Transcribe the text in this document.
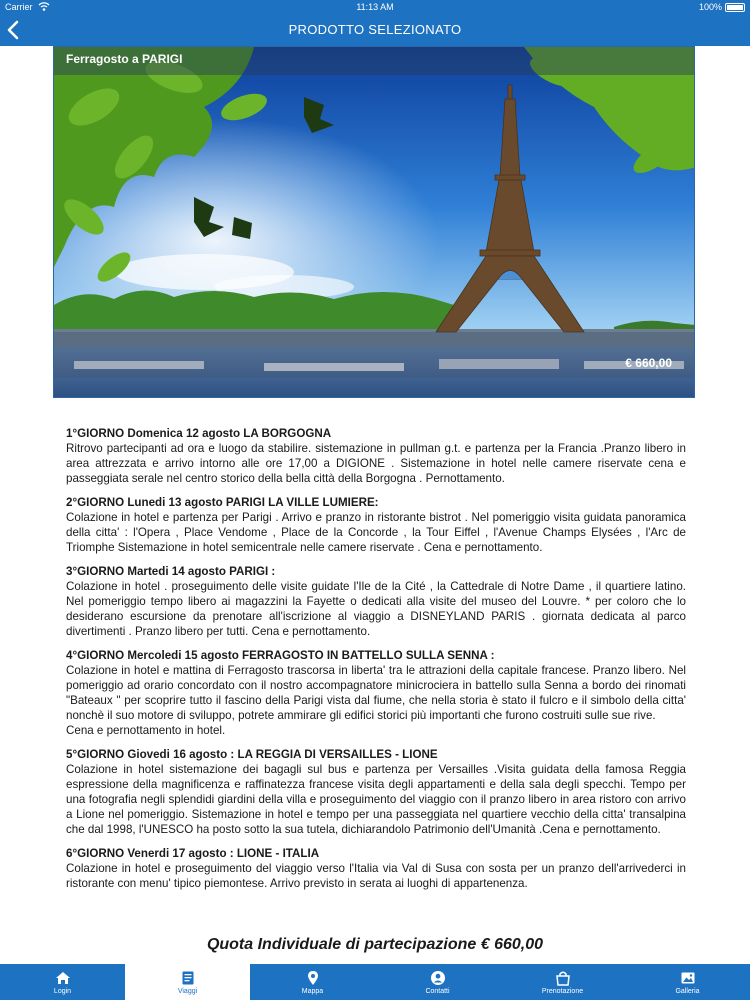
Carrier	11:13 AM	100%
PRODOTTO SELEZIONATO
Ferragosto a PARIGI
€ 660,00
1°GIORNO Domenica 12 agosto LA BORGOGNA
Ritrovo partecipanti ad ora e luogo da stabilire. sistemazione in pullman g.t. e partenza per la Francia .Pranzo libero in area attrezzata e arrivo intorno alle ore 17,00 a DIGIONE . Sistemazione in hotel nelle camere riservate cena e passeggiata serale nel centro storico della bella città della Borgogna . Pernottamento.
2°GIORNO Lunedi 13 agosto PARIGI LA VILLE LUMIERE:
Colazione in hotel e partenza per Parigi . Arrivo e pranzo in ristorante bistrot . Nel pomeriggio visita guidata panoramica della citta' : l'Opera , Place Vendome , Place de la Concorde , la Tour Eiffel , l'Avenue Champs Elysées , l'Arc de Triomphe Sistemazione in hotel semicentrale nelle camere riservate . Cena e pernottamento.
3°GIORNO Martedi 14 agosto PARIGI :
Colazione in hotel . proseguimento delle visite guidate l'Ile de la Cité , la Cattedrale di Notre Dame , il quartiere latino. Nel pomeriggio tempo libero ai magazzini la Fayette o dedicati alla visite del museo del Louvre. * per coloro che lo desiderano escursione da prenotare all'iscrizione al viaggio a DISNEYLAND PARIS . giornata dedicata al parco divertimenti . Pranzo libero per tutti. Cena e pernottamento.
4°GIORNO Mercoledi 15 agosto FERRAGOSTO IN BATTELLO SULLA SENNA :
Colazione in hotel e mattina di Ferragosto trascorsa in liberta' tra le attrazioni della capitale francese. Pranzo libero. Nel pomeriggio ad orario concordato con il nostro accompagnatore minicrociera in battello sulla Senna a bordo dei rinomati "Bateaux " per scoprire tutto il fascino della Parigi vista dal fiume, che nella storia è stato il fulcro e il simbolo della citta' nonchè il suo motore di sviluppo, potrete ammirare gli edifici storici più importanti che furono costruiti sulle sue rive.
Cena e pernottamento in hotel.
5°GIORNO Giovedi 16 agosto : LA REGGIA DI VERSAILLES - LIONE
Colazione in hotel sistemazione dei bagagli sul bus e partenza per Versailles .Visita guidata della famosa Reggia espressione della magnificenza e raffinatezza francese visita degli appartamenti e della sala degli specchi. Tempo per una fotografia negli splendidi giardini della villa e proseguimento del viaggio con il pranzo libero in area ristoro con arrivo a Lione nel pomeriggio. Sistemazione in hotel e tempo per una passeggiata nel quartiere vecchio della citta' transalpina che dal 1998, l'UNESCO ha posto sotto la sua tutela, dichiarandolo Patrimonio dell'Umanità .Cena e pernottamento.
6°GIORNO Venerdi 17 agosto : LIONE - ITALIA
Colazione in hotel e proseguimento del viaggio verso l'Italia via Val di Susa con sosta per un pranzo dell'arrivederci in ristorante con menu' tipico piemontese. Arrivo previsto in serata ai luoghi di appartenenza.
Quota Individuale di partecipazione € 660,00
Login	Viaggi	Mappa	Contatti	Prenotazione	Galleria
